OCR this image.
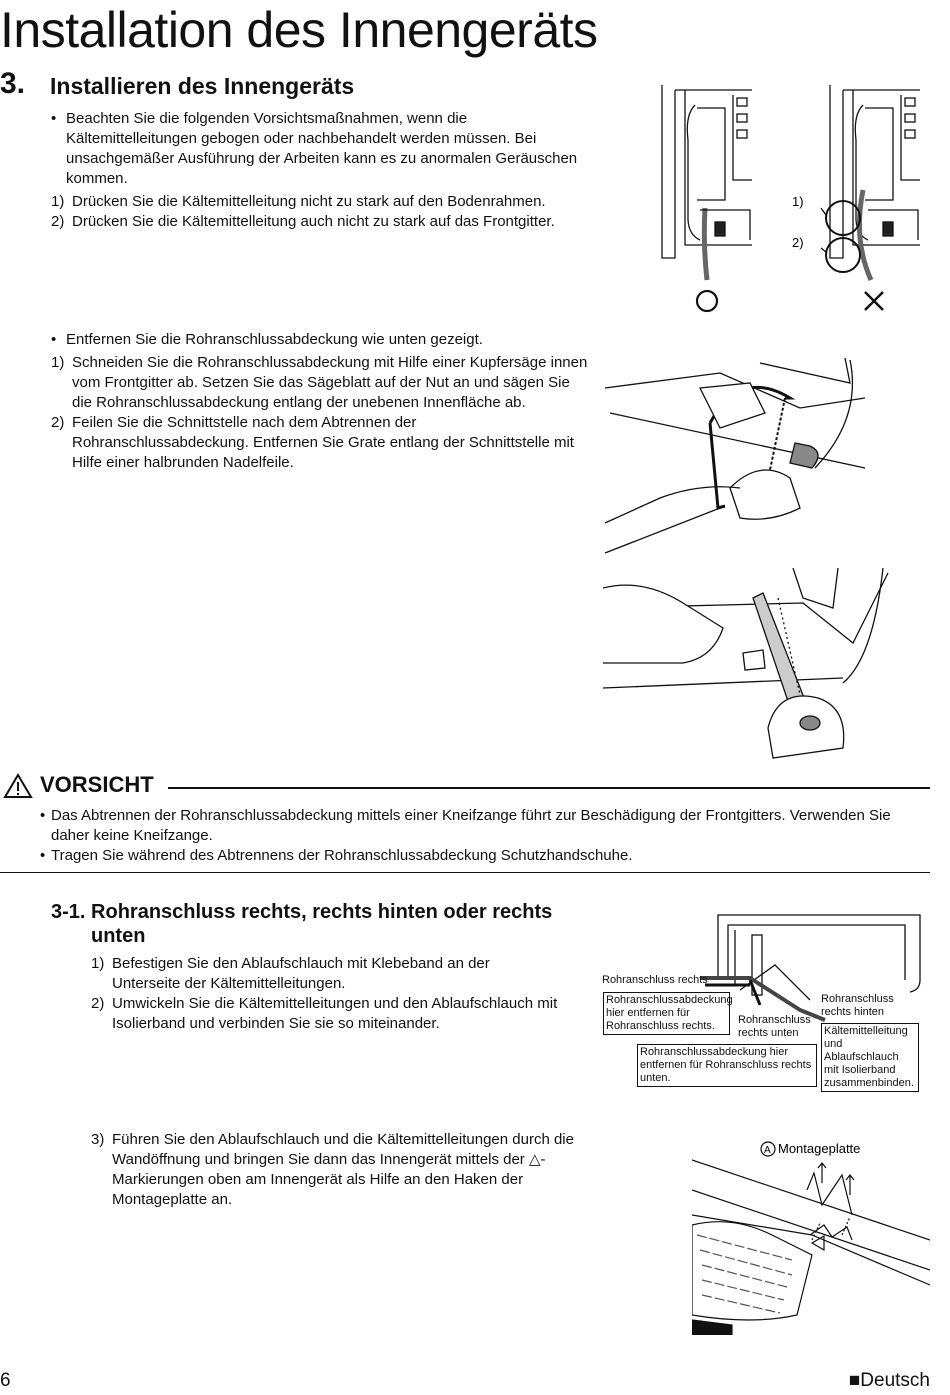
Installation des Innengeräts
3. Installieren des Innengeräts
• Beachten Sie die folgenden Vorsichtsmaßnahmen, wenn die Kältemittelleitungen gebogen oder nachbehandelt werden müssen. Bei unsachgemäßer Ausführung der Arbeiten kann es zu anormalen Geräuschen kommen.
1) Drücken Sie die Kältemittelleitung nicht zu stark auf den Bodenrahmen.
2) Drücken Sie die Kältemittelleitung auch nicht zu stark auf das Frontgitter.
1)
2)
• Entfernen Sie die Rohranschlussabdeckung wie unten gezeigt.
1) Schneiden Sie die Rohranschlussabdeckung mit Hilfe einer Kupfersäge innen vom Frontgitter ab. Setzen Sie das Sägeblatt auf der Nut an und sägen Sie die Rohranschlussabdeckung entlang der unebenen Innenfläche ab.
2) Feilen Sie die Schnittstelle nach dem Abtrennen der Rohranschlussabdeckung. Entfernen Sie Grate entlang der Schnittstelle mit Hilfe einer halbrunden Nadelfeile.
VORSICHT
• Das Abtrennen der Rohranschlussabdeckung mittels einer Kneifzange führt zur Beschädigung der Frontgitters. Verwenden Sie daher keine Kneifzange.
• Tragen Sie während des Abtrennens der Rohranschlussabdeckung Schutzhandschuhe.
3-1. Rohranschluss rechts, rechts hinten oder rechts
unten
1) Befestigen Sie den Ablaufschlauch mit Klebeband an der Unterseite der Kältemittelleitungen.
2) Umwickeln Sie die Kältemittelleitungen und den Ablaufschlauch mit Isolierband und verbinden Sie sie so miteinander.
Rohranschluss rechts
Rohranschlussabdeckung hier entfernen für Rohranschluss rechts.	Rohranschluss rechts unten
Rohranschluss rechts hinten
Rohranschlussabdeckung hier entfernen für Rohranschluss rechts unten.
Kältemittelleitung und Ablaufschlauch mit Isolierband zusammenbinden.
3) Führen Sie den Ablaufschlauch und die Kältemittelleitungen durch die Wandöffnung und bringen Sie dann das Innengerät mittels der △-Markierungen oben am Innengerät als Hilfe an den Haken der Montageplatte an.
A Montageplatte
6	■Deutsch
